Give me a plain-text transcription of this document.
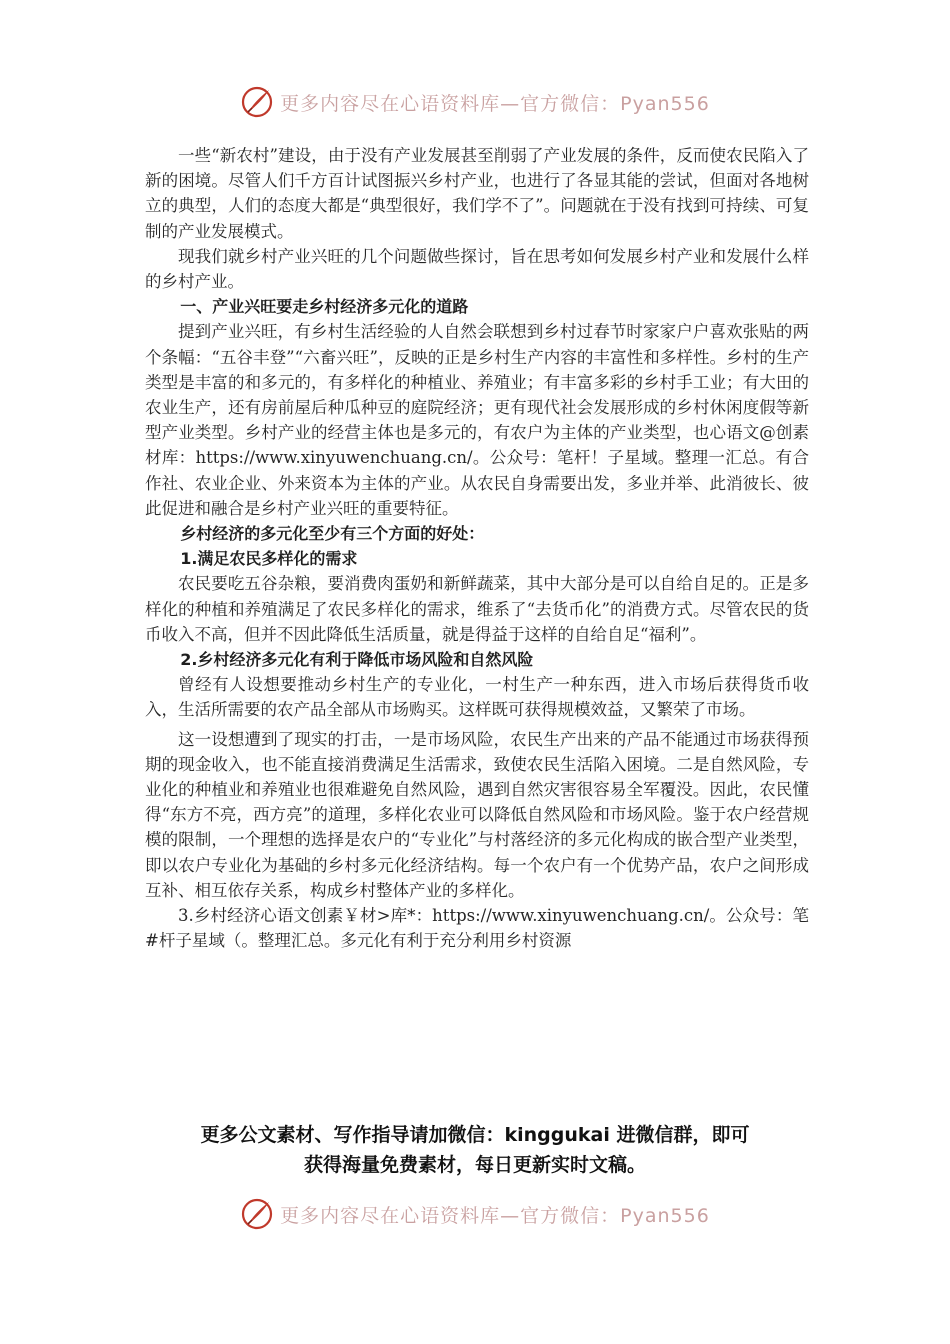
更多内容尽在心语资料库—官方微信：Pyan556

一些“新农村”建设，由于没有产业发展甚至削弱了产业发展的条件，反而使农民陷入了新的困境。尽管人们千方百计试图振兴乡村产业，也进行了各显其能的尝试，但面对各地树立的典型，人们的态度大都是“典型很好，我们学不了”。问题就在于没有找到可持续、可复制的产业发展模式。

现我们就乡村产业兴旺的几个问题做些探讨，旨在思考如何发展乡村产业和发展什么样的乡村产业。

一、产业兴旺要走乡村经济多元化的道路

提到产业兴旺，有乡村生活经验的人自然会联想到乡村过春节时家家户户喜欢张贴的两个条幅：“五谷丰登”“六畜兴旺”，反映的正是乡村生产内容的丰富性和多样性。乡村的生产类型是丰富的和多元的，有多样化的种植业、养殖业；有丰富多彩的乡村手工业；有大田的农业生产，还有房前屋后种瓜种豆的庭院经济；更有现代社会发展形成的乡村休闲度假等新型产业类型。乡村产业的经营主体也是多元的，有农户为主体的产业类型，也心语文@创素材库：https://www.xinyuwenchuang.cn/。公众号：笔杆！子星域。整理一汇总。有合作社、农业企业、外来资本为主体的产业。从农民自身需要出发，多业并举、此消彼长、彼此促进和融合是乡村产业兴旺的重要特征。

乡村经济的多元化至少有三个方面的好处：

1.满足农民多样化的需求

农民要吃五谷杂粮，要消费肉蛋奶和新鲜蔬菜，其中大部分是可以自给自足的。正是多样化的种植和养殖满足了农民多样化的需求，维系了“去货币化”的消费方式。尽管农民的货币收入不高，但并不因此降低生活质量，就是得益于这样的自给自足“福利”。

2.乡村经济多元化有利于降低市场风险和自然风险

曾经有人设想要推动乡村生产的专业化，一村生产一种东西，进入市场后获得货币收入，生活所需要的农产品全部从市场购买。这样既可获得规模效益，又繁荣了市场。

这一设想遭到了现实的打击，一是市场风险，农民生产出来的产品不能通过市场获得预期的现金收入，也不能直接消费满足生活需求，致使农民生活陷入困境。二是自然风险，专业化的种植业和养殖业也很难避免自然风险，遇到自然灾害很容易全军覆没。因此，农民懂得“东方不亮，西方亮”的道理，多样化农业可以降低自然风险和市场风险。鉴于农户经营规模的限制，一个理想的选择是农户的“专业化”与村落经济的多元化构成的嵌合型产业类型，即以农户专业化为基础的乡村多元化经济结构。每一个农户有一个优势产品，农户之间形成互补、相互依存关系，构成乡村整体产业的多样化。

3.乡村经济心语文创素￥材>库*：https://www.xinyuwenchuang.cn/。公众号：笔#杆子星域（。整理汇总。多元化有利于充分利用乡村资源

更多公文素材、写作指导请加微信：kinggukai 进微信群，即可
获得海量免费素材，每日更新实时文稿。
更多内容尽在心语资料库—官方微信：Pyan556
